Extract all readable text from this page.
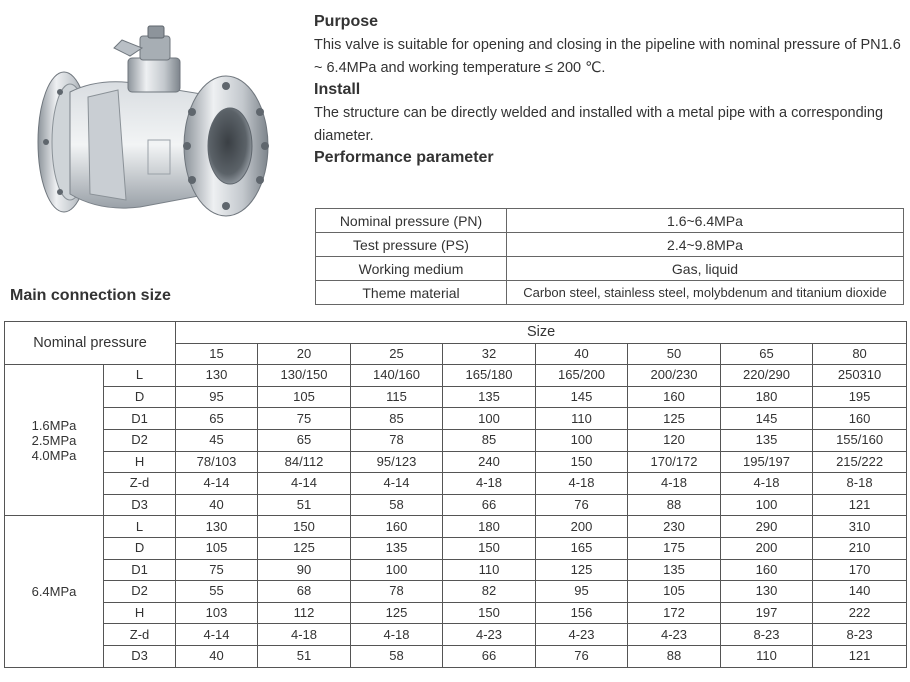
Purpose

This valve is suitable for opening and closing in the pipeline with nominal pressure of PN1.6 ~ 6.4MPa and working temperature ≤ 200 ℃.

Install

The structure can be directly welded and installed with a metal pipe with a corresponding diameter.

Performance parameter
Nominal pressure (PN)	1.6~6.4MPa
Test pressure (PS)	2.4~9.8MPa
Working medium	Gas, liquid
Theme material	Carbon steel, stainless steel, molybdenum and titanium dioxide
Main connection size
Nominal pressure		Size							
		15	20	25	32	40	50	65	80

1.6MPa
2.5MPa
4.0MPa	L	130	130/150	140/160	165/180	165/200	200/230	220/290	250310
	D	95	105	115	135	145	160	180	195
	D1	65	75	85	100	110	125	145	160
	D2	45	65	78	85	100	120	135	155/160
	H	78/103	84/112	95/123	240	150	170/172	195/197	215/222
	Z-d	4-14	4-14	4-14	4-18	4-18	4-18	4-18	8-18
	D3	40	51	58	66	76	88	100	121

6.4MPa	L	130	150	160	180	200	230	290	310
	D	105	125	135	150	165	175	200	210
	D1	75	90	100	110	125	135	160	170
	D2	55	68	78	82	95	105	130	140
	H	103	112	125	150	156	172	197	222
	Z-d	4-14	4-18	4-18	4-23	4-23	4-23	8-23	8-23
	D3	40	51	58	66	76	88	110	121
